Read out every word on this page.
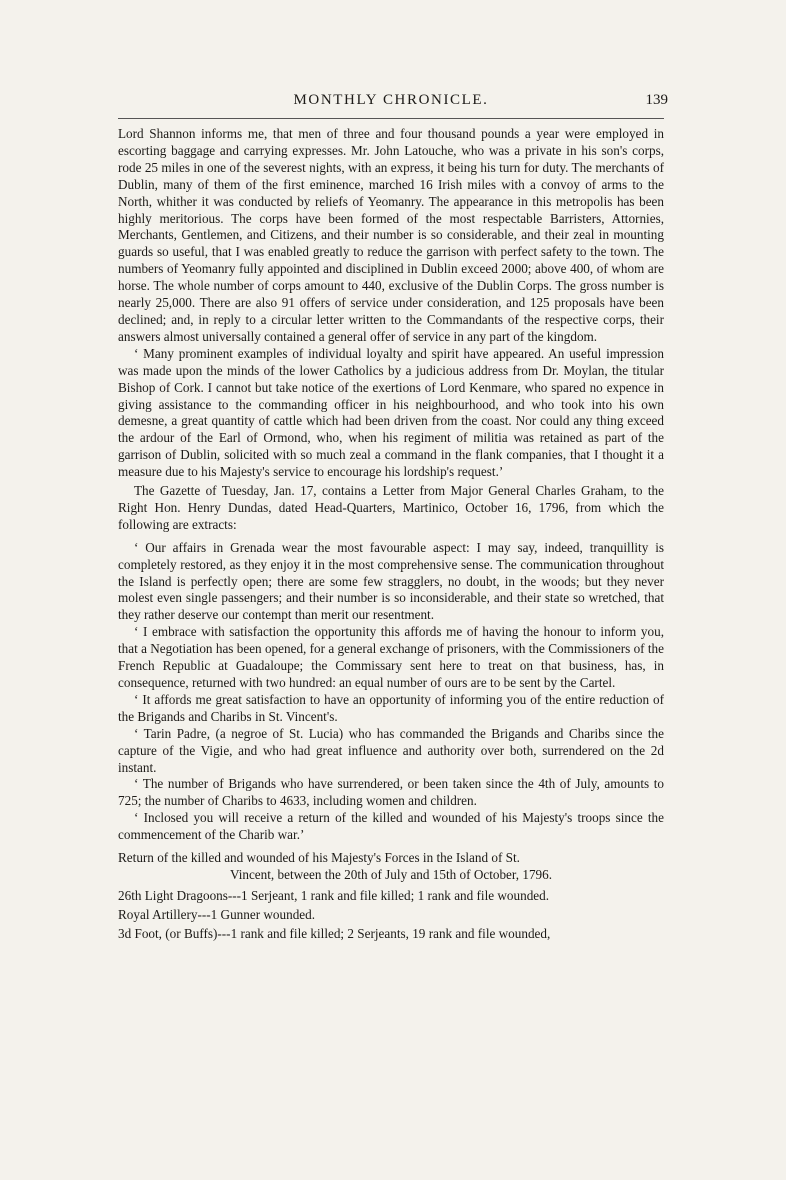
MONTHLY CHRONICLE.	139

Lord Shannon informs me, that men of three and four thousand pounds a year were employed in escorting baggage and carrying expresses. Mr. John Latouche, who was a private in his son's corps, rode 25 miles in one of the severest nights, with an express, it being his turn for duty. The merchants of Dublin, many of them of the first eminence, marched 16 Irish miles with a convoy of arms to the North, whither it was conducted by reliefs of Yeomanry. The appearance in this metropolis has been highly meritorious. The corps have been formed of the most respectable Barristers, Attornies, Merchants, Gentlemen, and Citizens, and their number is so considerable, and their zeal in mounting guards so useful, that I was enabled greatly to reduce the garrison with perfect safety to the town. The numbers of Yeomanry fully appointed and disciplined in Dublin exceed 2000; above 400, of whom are horse. The whole number of corps amount to 440, exclusive of the Dublin Corps. The gross number is nearly 25,000. There are also 91 offers of service under consideration, and 125 proposals have been declined; and, in reply to a circular letter written to the Commandants of the respective corps, their answers almost universally contained a general offer of service in any part of the kingdom.

‘ Many prominent examples of individual loyalty and spirit have appeared. An useful impression was made upon the minds of the lower Catholics by a judicious address from Dr. Moylan, the titular Bishop of Cork. I cannot but take notice of the exertions of Lord Kenmare, who spared no expence in giving assistance to the commanding officer in his neighbourhood, and who took into his own demesne, a great quantity of cattle which had been driven from the coast. Nor could any thing exceed the ardour of the Earl of Ormond, who, when his regiment of militia was retained as part of the garrison of Dublin, solicited with so much zeal a command in the flank companies, that I thought it a measure due to his Majesty's service to encourage his lordship's request.’

The Gazette of Tuesday, Jan. 17, contains a Letter from Major General Charles Graham, to the Right Hon. Henry Dundas, dated Head-Quarters, Martinico, October 16, 1796, from which the following are extracts:

‘ Our affairs in Grenada wear the most favourable aspect: I may say, indeed, tranquillity is completely restored, as they enjoy it in the most comprehensive sense. The communication throughout the Island is perfectly open; there are some few stragglers, no doubt, in the woods; but they never molest even single passengers; and their number is so inconsiderable, and their state so wretched, that they rather deserve our contempt than merit our resentment.

‘ I embrace with satisfaction the opportunity this affords me of having the honour to inform you, that a Negotiation has been opened, for a general exchange of prisoners, with the Commissioners of the French Republic at Guadaloupe; the Commissary sent here to treat on that business, has, in consequence, returned with two hundred: an equal number of ours are to be sent by the Cartel.

‘ It affords me great satisfaction to have an opportunity of informing you of the entire reduction of the Brigands and Charibs in St. Vincent's.

‘ Tarin Padre, (a negroe of St. Lucia) who has commanded the Brigands and Charibs since the capture of the Vigie, and who had great influence and authority over both, surrendered on the 2d instant.

‘ The number of Brigands who have surrendered, or been taken since the 4th of July, amounts to 725; the number of Charibs to 4633, including women and children.

‘ Inclosed you will receive a return of the killed and wounded of his Majesty's troops since the commencement of the Charib war.’

Return of the killed and wounded of his Majesty's Forces in the Island of St.

Vincent, between the 20th of July and 15th of October, 1796.

26th Light Dragoons---1 Serjeant, 1 rank and file killed; 1 rank and file wounded.

Royal Artillery---1 Gunner wounded.

3d Foot, (or Buffs)---1 rank and file killed; 2 Serjeants, 19 rank and file wounded,
